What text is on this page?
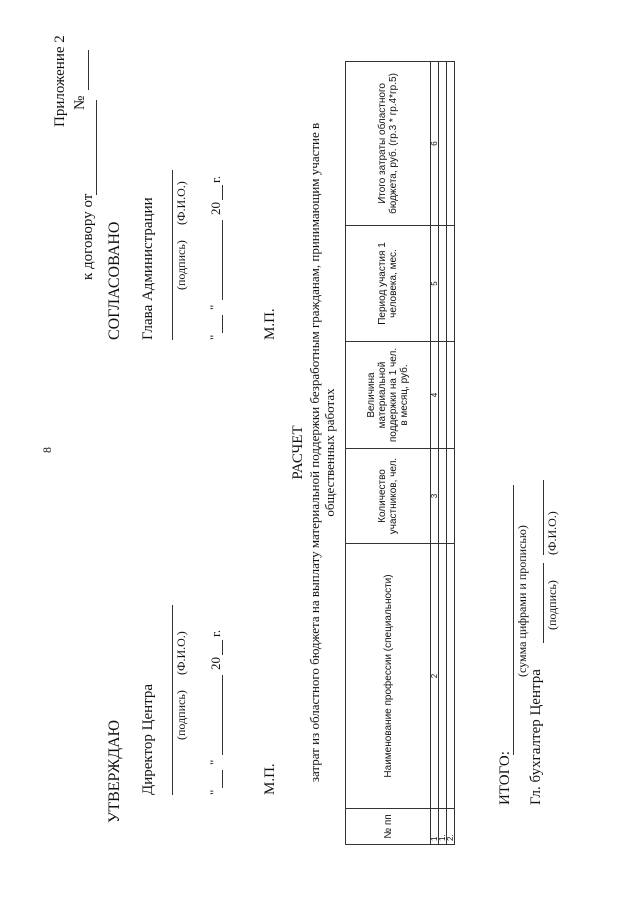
8
Приложение 2 №
к договору от
УТВЕРЖДАЮ Директор Центра (подпись)
(Ф.И.О.)
"
"
20
г.
М.П.
СОГЛАСОВАНО Глава Администрации (подпись)
(Ф.И.О.)
"
"
20
г.
М.П.
РАСЧЕТ затрат из областного бюджета на выплату материальной поддержки безработным гражданам, принимающим участие в общественных работах
№ пп	Наименование профессии (специальности)	Количество участников, чел.	Величина материальной поддержки на 1 чел. в месяц, руб.	Период участия 1 человека, мес.	Итого затраты областного бюджета, руб. (гр.3 * гр.4*гр.5)
1	2	3	4	5	6
1.					
2.					
ИТОГО:
(сумма цифрами и прописью)
Гл. бухгалтер Центра
(подпись)
(Ф.И.О.)
